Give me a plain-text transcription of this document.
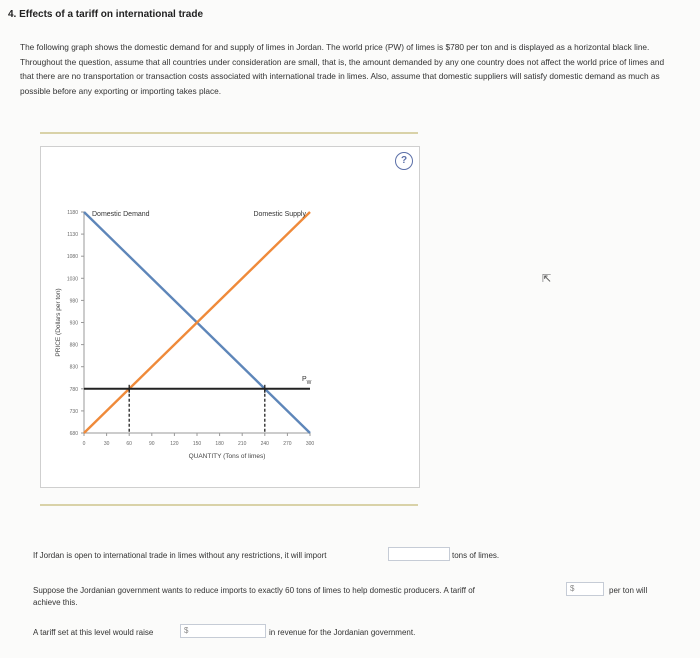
4. Effects of a tariff on international trade
The following graph shows the domestic demand for and supply of limes in Jordan. The world price (PW) of limes is $780 per ton and is displayed as a horizontal black line. Throughout the question, assume that all countries under consideration are small, that is, the amount demanded by any one country does not affect the world price of limes and that there are no transportation or transaction costs associated with international trade in limes. Also, assume that domestic suppliers will satisfy domestic demand as much as possible before any exporting or importing takes place.
?
680
730
780
830
880
930
980
1030
1080
1130
1180
0	30	60	90	120	150	180	210	240	270	300
QUANTITY (Tons of limes)
PRICE (Dollars per ton)
Domestic Demand	Domestic Supply
$P_W$
⇱
If Jordan is open to international trade in limes without any restrictions, it will import	tons of limes.
Suppose the Jordanian government wants to reduce imports to exactly 60 tons of limes to help domestic producers. A tariff of	$	per ton will
achieve this.
A tariff set at this level would raise	$	in revenue for the Jordanian government.
